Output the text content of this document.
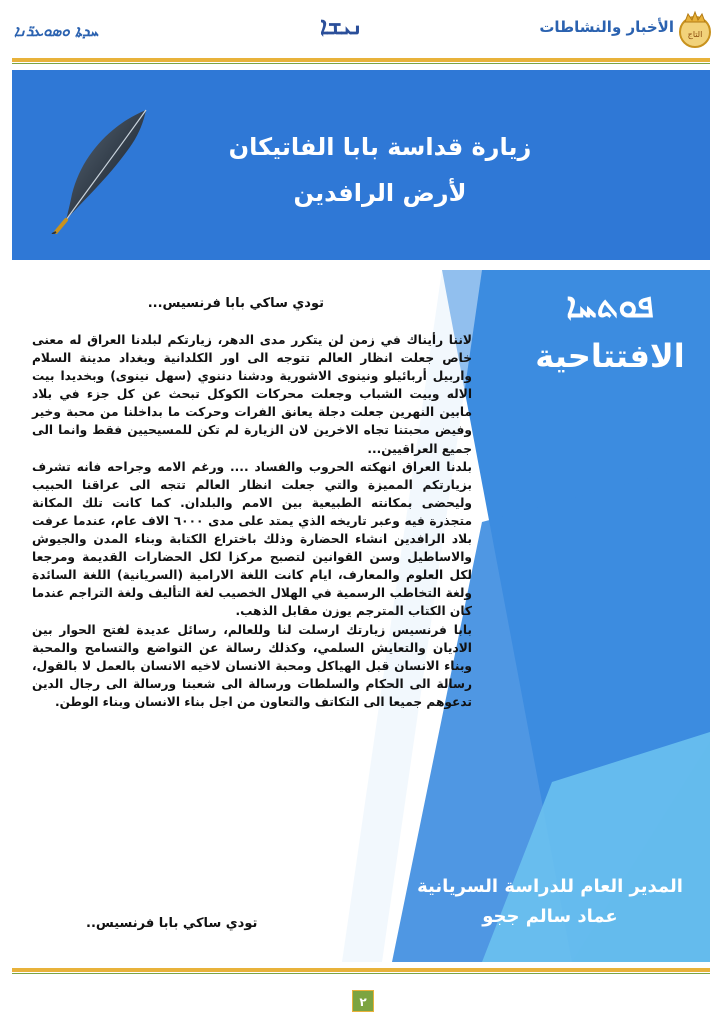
التاج
الأخبار والنشاطات
ܢܝܫܐ
ܚܕܬܐ ܘܣܘܥܪ̈ܢܐ
زيارة قداسة بابا الفاتيكان
لأرض الرافدين
ܦܘܬܚܐ
الافتتاحية
تودي ساكي بابا فرنسيس...

لاننا رأيناك في زمن لن يتكرر مدى الدهر، زيارتكم لبلدنا العراق له معنى خاص جعلت انظار العالم تتوجه الى اور الكلدانية وبغداد مدينة السلام واربيل أربائيلو ونينوى الاشورية ودشنا دننوي (سهل نينوى) وبخديدا بيت الاله وبيت الشباب وجعلت محركات الكوكل تبحث عن كل جزء في بلاد مابين النهرين جعلت دجلة يعانق الفرات وحركت ما بداخلنا من محبة وخير وفيض محبتنا تجاه الاخرين لان الزيارة لم تكن للمسيحيين فقط وانما الى جميع العراقيين...

بلدنا العراق انهكته الحروب والفساد .... ورغم الامه وجراحه فانه تشرف بزيارتكم المميزة والتي جعلت انظار العالم تتجه الى عراقنا الحبيب وليحضى بمكانته الطبيعية بين الامم والبلدان. كما كانت تلك المكانة متجذرة فيه وعبر تاريخه الذي يمتد على مدى ٦٠٠٠ الاف عام، عندما عرفت بلاد الرافدين انشاء الحضارة وذلك باختراع الكتابة وبناء المدن والجيوش والاساطيل وسن القوانين لتصبح مركزا لكل الحضارات القديمة ومرجعا لكل العلوم والمعارف، ايام كانت اللغة الارامية (السريانية) اللغة السائدة ولغة التخاطب الرسمية في الهلال الخصيب لغة التأليف ولغة التراجم عندما كان الكتاب المترجم يوزن مقابل الذهب.

بابا فرنسيس زيارتك ارسلت لنا وللعالم، رسائل عديدة لفتح الحوار بين الاديان والتعايش السلمي، وكذلك رسالة عن التواضع والتسامح والمحبة وبناء الانسان قبل الهياكل ومحبة الانسان لاخيه الانسان بالعمل لا بالقول، رسالة الى الحكام والسلطات ورسالة الى شعبنا ورسالة الى رجال الدين تدعوهم جميعا الى التكاتف والتعاون من اجل بناء الانسان وبناء الوطن.

تودي ساكي بابا فرنسيس..
المدير العام للدراسة السريانية
عماد سالم ججو
٢
